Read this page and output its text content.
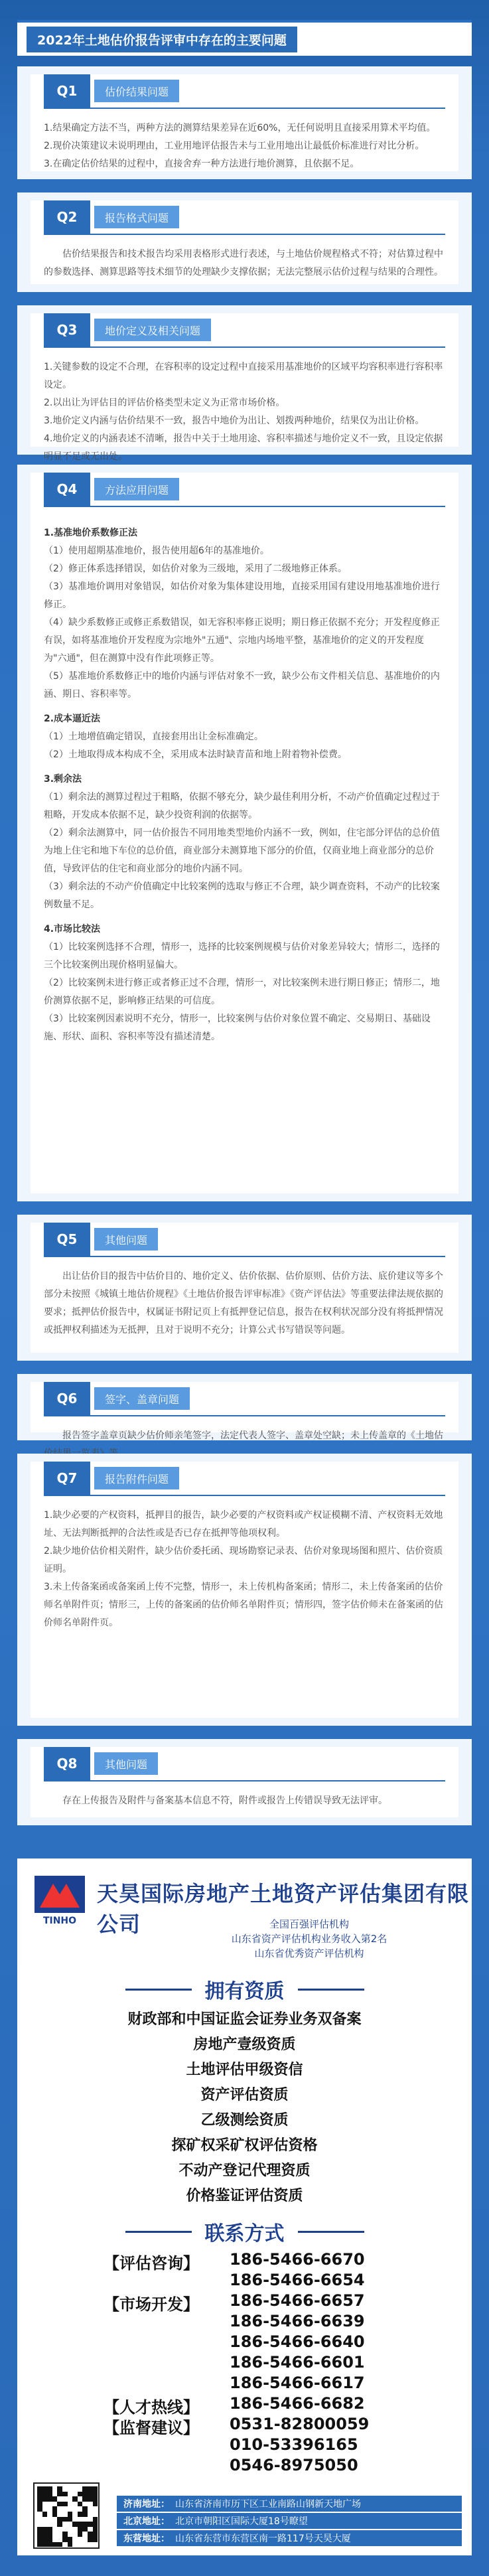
2022年土地估价报告评审中存在的主要问题
Q1	估价结果问题

1.结果确定方法不当，两种方法的测算结果差异在近60%，无任何说明且直接采用算术平均值。

2.现价决策建议未说明理由，工业用地评估报告未与工业用地出让最低价标准进行对比分析。

3.在确定估价结果的过程中，直接舍弃一种方法进行地价测算，且依据不足。

Q2	报告格式问题

估价结果报告和技术报告均采用表格形式进行表述，与土地估价规程格式不符；对估算过程中的参数选择、测算思路等技术细节的处理缺少支撑依据；无法完整展示估价过程与结果的合理性。

Q3	地价定义及相关问题

1.关键参数的设定不合理，在容积率的设定过程中直接采用基准地价的区域平均容积率进行容积率设定。

2.以出让为评估目的评估价格类型未定义为正常市场价格。

3.地价定义内涵与估价结果不一致，报告中地价为出让、划拨两种地价，结果仅为出让价格。

4.地价定义的内涵表述不清晰，报告中关于土地用途、容积率描述与地价定义不一致，且设定依据明显不足或无出处。

Q4	方法应用问题

1.基准地价系数修正法

（1）使用超期基准地价，报告使用超6年的基准地价。

（2）修正体系选择错误，如估价对象为三级地，采用了二级地修正体系。

（3）基准地价调用对象错误，如估价对象为集体建设用地，直接采用国有建设用地基准地价进行修正。

（4）缺少系数修正或修正系数错误，如无容积率修正说明；期日修正依据不充分；开发程度修正有误，如将基准地价开发程度为宗地外"五通"、宗地内场地平整，基准地价的定义的开发程度为"六通"，但在测算中没有作此项修正等。

（5）基准地价系数修正中的地价内涵与评估对象不一致，缺少公布文件相关信息、基准地价的内涵、期日、容积率等。

2.成本逼近法

（1）土地增值确定错误，直接套用出让金标准确定。

（2）土地取得成本构成不全，采用成本法时缺青苗和地上附着物补偿费。

3.剩余法

（1）剩余法的测算过程过于粗略，依据不够充分，缺少最佳利用分析，不动产价值确定过程过于粗略，开发成本依据不足，缺少投资利润的依据等。

（2）剩余法测算中，同一估价报告不同用地类型地价内涵不一致，例如，住宅部分评估的总价值为地上住宅和地下车位的总价值，商业部分未测算地下部分的价值，仅商业地上商业部分的总价值，导致评估的住宅和商业部分的地价内涵不同。

（3）剩余法的不动产价值确定中比较案例的选取与修正不合理，缺少调查资料，不动产的比较案例数量不足。

4.市场比较法

（1）比较案例选择不合理，情形一，选择的比较案例规模与估价对象差异较大；情形二，选择的三个比较案例出现价格明显偏大。

（2）比较案例未进行修正或者修正过不合理，情形一，对比较案例未进行期日修正；情形二，地价测算依据不足，影响修正结果的可信度。

（3）比较案例因素说明不充分，情形一，比较案例与估价对象位置不确定、交易期日、基础设施、形状、面积、容积率等没有描述清楚。

Q5	其他问题

出让估价目的报告中估价目的、地价定义、估价依据、估价原则、估价方法、底价建议等多个部分未按照《城镇土地估价规程》《土地估价报告评审标准》《资产评估法》等重要法律法规依据的要求；抵押估价报告中，权属证书附记页上有抵押登记信息，报告在权利状况部分没有将抵押情况或抵押权利描述为无抵押，且对于说明不充分；计算公式书写错误等问题。

Q6	签字、盖章问题

报告签字盖章页缺少估价师亲笔签字，法定代表人签字、盖章处空缺；未上传盖章的《土地估

Q7	报告附件问题

1.缺少必要的产权资料，抵押目的报告，缺少必要的产权资料或产权证模糊不清、产权资料无效地址、无法判断抵押的合法性或是否已存在抵押等他项权利。

2.缺少地价估价相关附件，缺少估价委托函、现场勘察记录表、估价对象现场图和照片、估价资质证明。

3.未上传备案函或备案函上传不完整，情形一，未上传机构备案函；情形二，未上传备案函的估价师名单附件页；情形三，上传的备案函的估价师名单附件页；情形四，签字估价师未在备案函的估价师名单附件页。

Q8	其他问题

存在上传报告及附件与备案基本信息不符，附件或报告上传错误导致无法评审。

TINHO
天昊国际房地产土地资产评估集团有限公司	全国百强评估机构
山东省资产评估机构业务收入第2名
山东省优秀资产评估机构
拥有资质
财政部和中国证监会证券业务双备案
房地产壹级资质
土地评估甲级资信
资产评估资质
乙级测绘资质
探矿权采矿权评估资格
不动产登记代理资质
价格鉴证评估资质
联系方式
【评估咨询】	186-5466-6670
186-5466-6654
【市场开发】	186-5466-6657
186-5466-6639
186-5466-6640
186-5466-6601
186-5466-6617
【人才热线】	186-5466-6682
【监督建议】	0531-82800059
010-53396165
0546-8975050
济南地址： 山东省济南市历下区工业南路山钢新天地广场
北京地址： 北京市朝阳区国际大厦18号瞭望
东营地址： 山东省东营市东营区南一路117号天昊大厦
